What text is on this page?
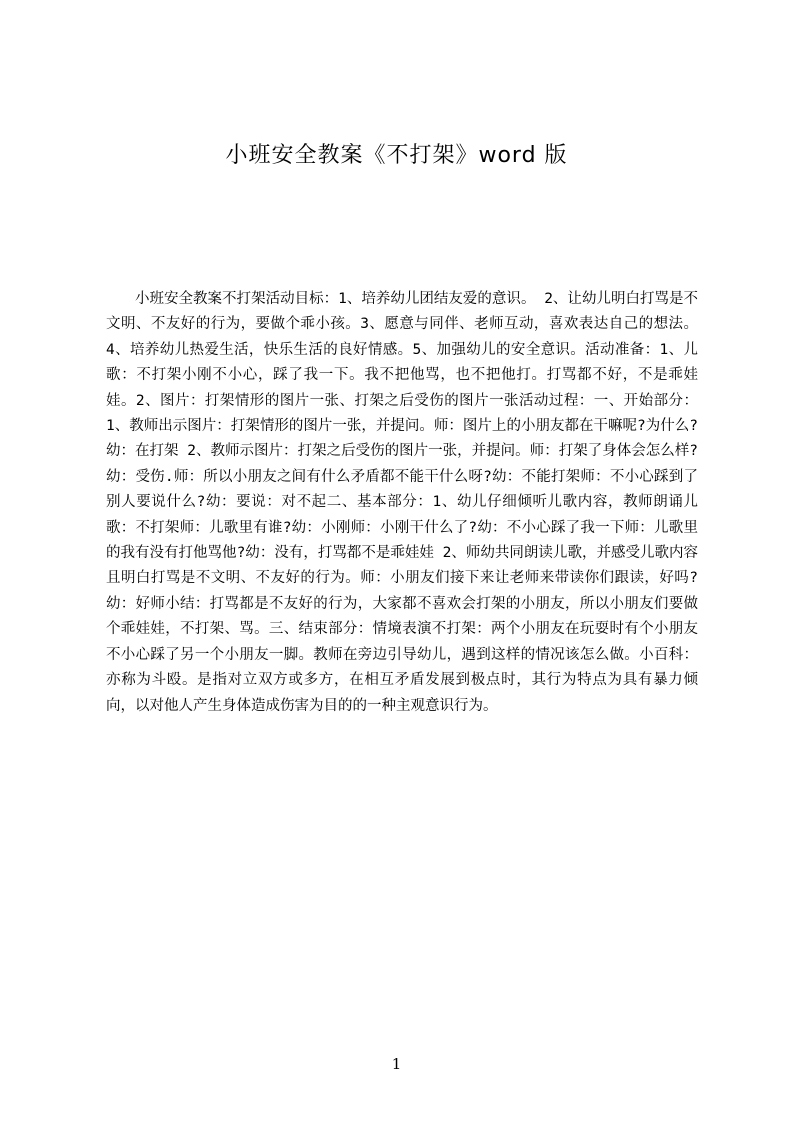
小班安全教案《不打架》word 版

小班安全教案不打架活动目标：1、培养幼儿团结友爱的意识。 2、让幼儿明白打骂是不文明、不友好的行为，要做个乖小孩。3、愿意与同伴、老师互动，喜欢表达自己的想法。4、培养幼儿热爱生活，快乐生活的良好情感。5、加强幼儿的安全意识。活动准备：1、儿歌：不打架小刚不小心，踩了我一下。我不把他骂，也不把他打。打骂都不好，不是乖娃娃。2、图片：打架情形的图片一张、打架之后受伤的图片一张活动过程：一、开始部分：1、教师出示图片：打架情形的图片一张，并提问。师：图片上的小朋友都在干嘛呢?为什么?幼：在打架 2、教师示图片：打架之后受伤的图片一张，并提问。师：打架了身体会怎么样?幼：受伤.师：所以小朋友之间有什么矛盾都不能干什么呀?幼：不能打架师：不小心踩到了别人要说什么?幼：要说：对不起二、基本部分：1、幼儿仔细倾听儿歌内容，教师朗诵儿歌：不打架师：儿歌里有谁?幼：小刚师：小刚干什么了?幼：不小心踩了我一下师：儿歌里的我有没有打他骂他?幼：没有，打骂都不是乖娃娃 2、师幼共同朗读儿歌，并感受儿歌内容且明白打骂是不文明、不友好的行为。师：小朋友们接下来让老师来带读你们跟读，好吗?幼：好师小结：打骂都是不友好的行为，大家都不喜欢会打架的小朋友，所以小朋友们要做个乖娃娃，不打架、骂。三、结束部分：情境表演不打架：两个小朋友在玩耍时有个小朋友不小心踩了另一个小朋友一脚。教师在旁边引导幼儿，遇到这样的情况该怎么做。小百科：亦称为斗殴。是指对立双方或多方，在相互矛盾发展到极点时，其行为特点为具有暴力倾向，以对他人产生身体造成伤害为目的的一种主观意识行为。

1
